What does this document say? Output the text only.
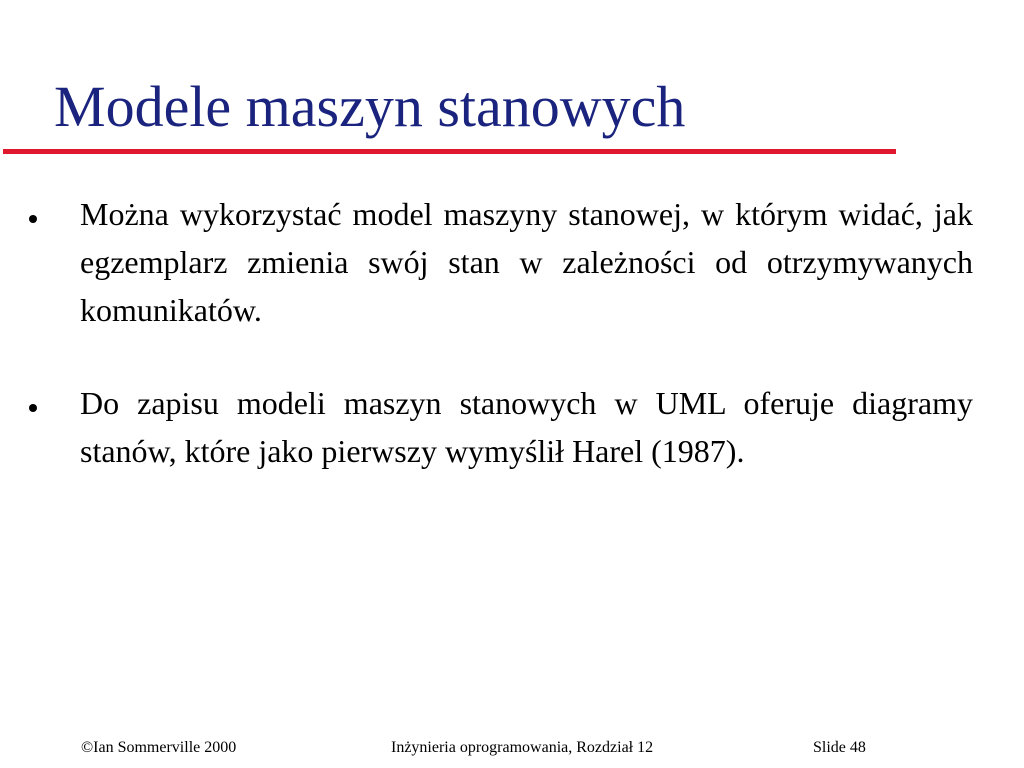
Modele maszyn stanowych
Można wykorzystać model maszyny stanowej, w którym widać, jak egzemplarz zmienia swój stan w zależności od otrzymywanych komunikatów.
Do zapisu modeli maszyn stanowych w UML oferuje diagramy stanów, które jako pierwszy wymyślił Harel (1987).
©Ian Sommerville 2000	Inżynieria oprogramowania, Rozdział 12	Slide 48
